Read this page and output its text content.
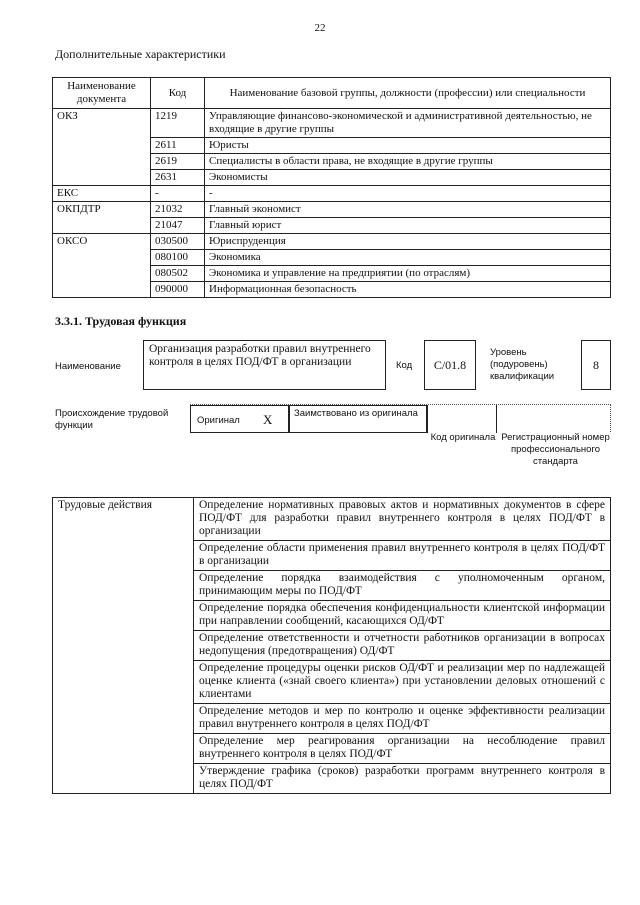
22
Дополнительные характеристики
Наименование документа	Код	Наименование базовой группы, должности (профессии) или специальности
ОКЗ	1219	Управляющие финансово-экономической и административной деятельностью, не входящие в другие группы
	2611	Юристы
	2619	Специалисты в области права, не входящие в другие группы
	2631	Экономисты
ЕКС	-	-
ОКПДТР	21032	Главный экономист
	21047	Главный юрист
ОКСО	030500	Юриспруденция
	080100	Экономика
	080502	Экономика и управление на предприятии (по отраслям)
	090000	Информационная безопасность
3.3.1. Трудовая функция
Наименование
Организация разработки правил внутреннего контроля в целях ПОД/ФТ в организации	Код	С/01.8
Уровень (подуровень) квалификации
8
Происхождение трудовой функции	Оригинал X	Заимствовано из оригинала
Код оригинала Регистрационный номер профессионального стандарта
Трудовые действия	Определение нормативных правовых актов и нормативных документов в сфере ПОД/ФТ для разработки правил внутреннего контроля в целях ПОД/ФТ в организации
Определение области применения правил внутреннего контроля в целях ПОД/ФТ в организации
Определение порядка взаимодействия с уполномоченным органом, принимающим меры по ПОД/ФТ
Определение порядка обеспечения конфиденциальности клиентской информации при направлении сообщений, касающихся ОД/ФТ
Определение ответственности и отчетности работников организации в вопросах недопущения (предотвращения) ОД/ФТ
Определение процедуры оценки рисков ОД/ФТ и реализации мер по надлежащей оценке клиента («знай своего клиента») при установлении деловых отношений с клиентами
Определение методов и мер по контролю и оценке эффективности реализации правил внутреннего контроля в целях ПОД/ФТ
Определение мер реагирования организации на несоблюдение правил внутреннего контроля в целях ПОД/ФТ
Утверждение графика (сроков) разработки программ внутреннего контроля в целях ПОД/ФТ
